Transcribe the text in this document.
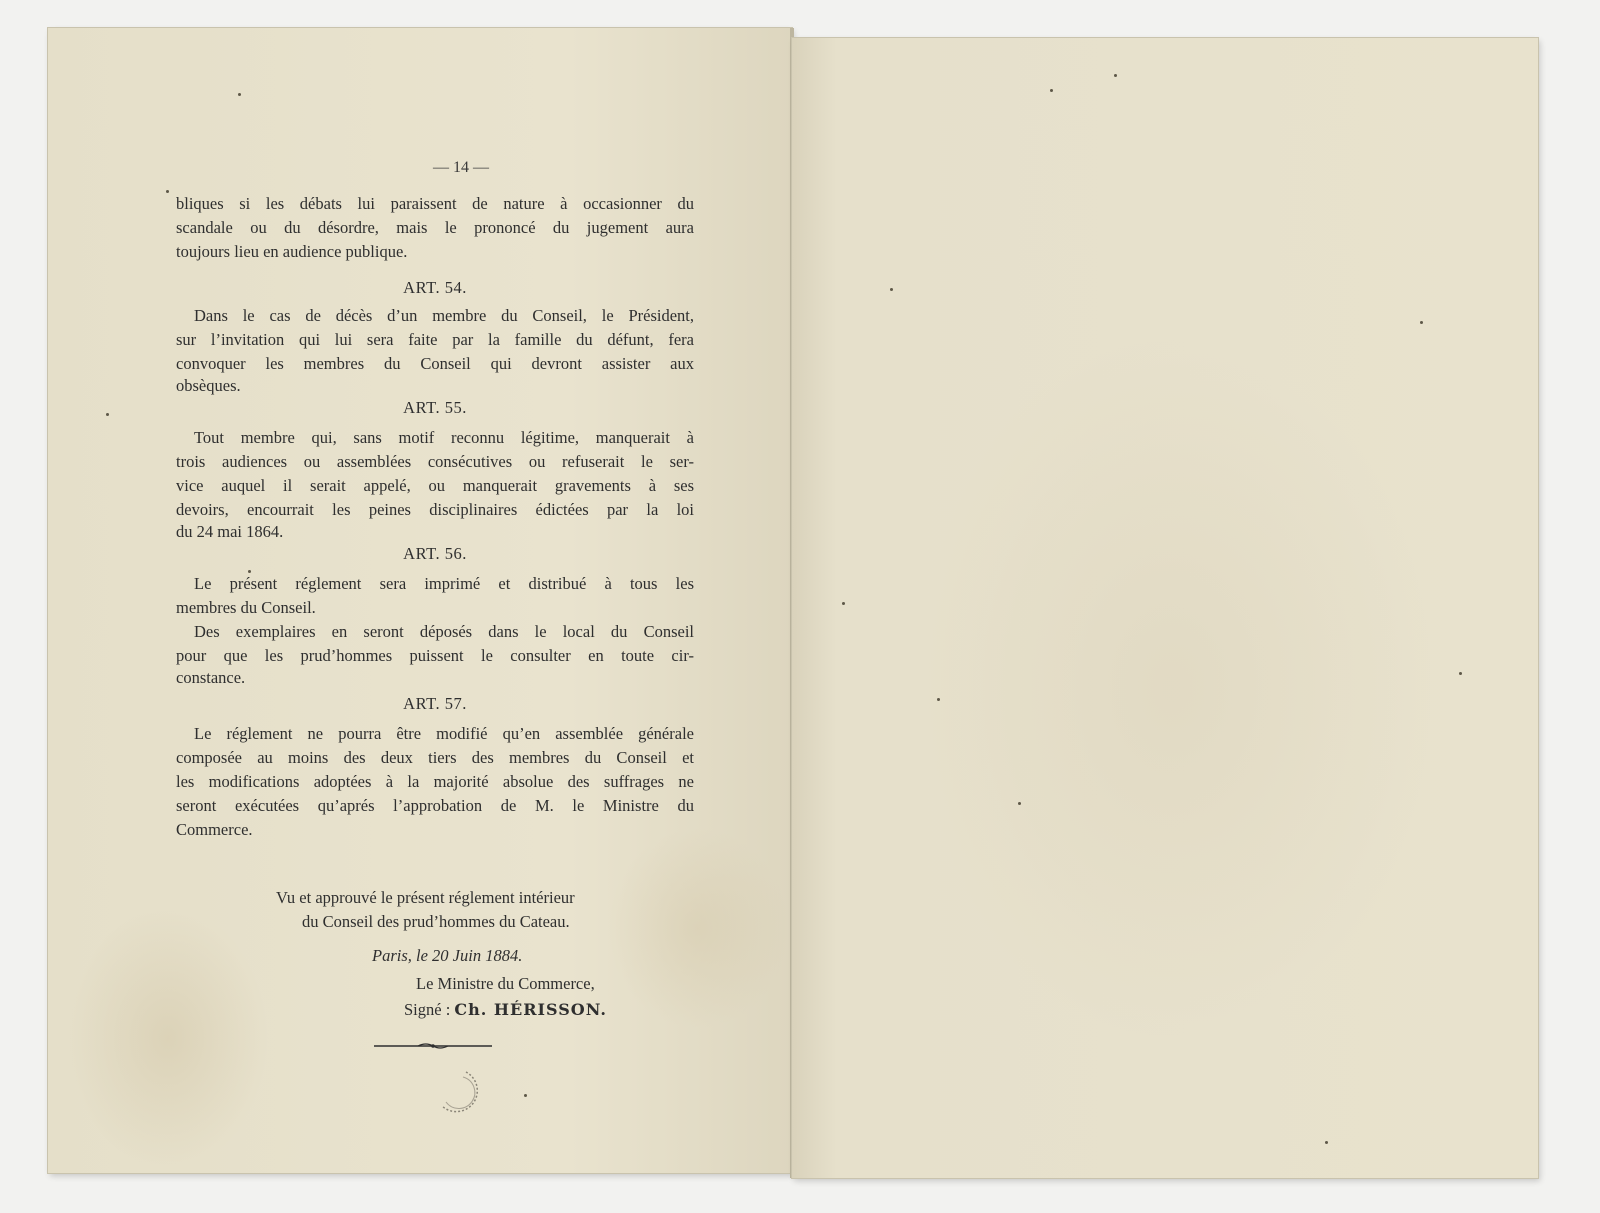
— 14 —
bliques si les débats lui paraissent de nature à occasionner du
scandale ou du désordre, mais le prononcé du jugement aura
toujours lieu en audience publique.
ART. 54.
Dans le cas de décès d’un membre du Conseil, le Président,
sur l’invitation qui lui sera faite par la famille du défunt, fera
convoquer les membres du Conseil qui devront assister aux
obsèques.
ART. 55.
Tout membre qui, sans motif reconnu légitime, manquerait à
trois audiences ou assemblées consécutives ou refuserait le ser-
vice auquel il serait appelé, ou manquerait gravements à ses
devoirs, encourrait les peines disciplinaires édictées par la loi
du 24 mai 1864.
ART. 56.
Le présent réglement sera imprimé et distribué à tous les
membres du Conseil.
Des exemplaires en seront déposés dans le local du Conseil
pour que les prud’hommes puissent le consulter en toute cir-
constance.
ART. 57.
Le réglement ne pourra être modifié qu’en assemblée générale
composée au moins des deux tiers des membres du Conseil et
les modifications adoptées à la majorité absolue des suffrages ne
seront exécutées qu’aprés l’approbation de M. le Ministre du
Commerce.
Vu et approuvé le présent réglement intérieur
du Conseil des prud’hommes du Cateau.
Paris, le 20 Juin 1884.
Le Ministre du Commerce,
Signé : Ch. HÉRISSON.
